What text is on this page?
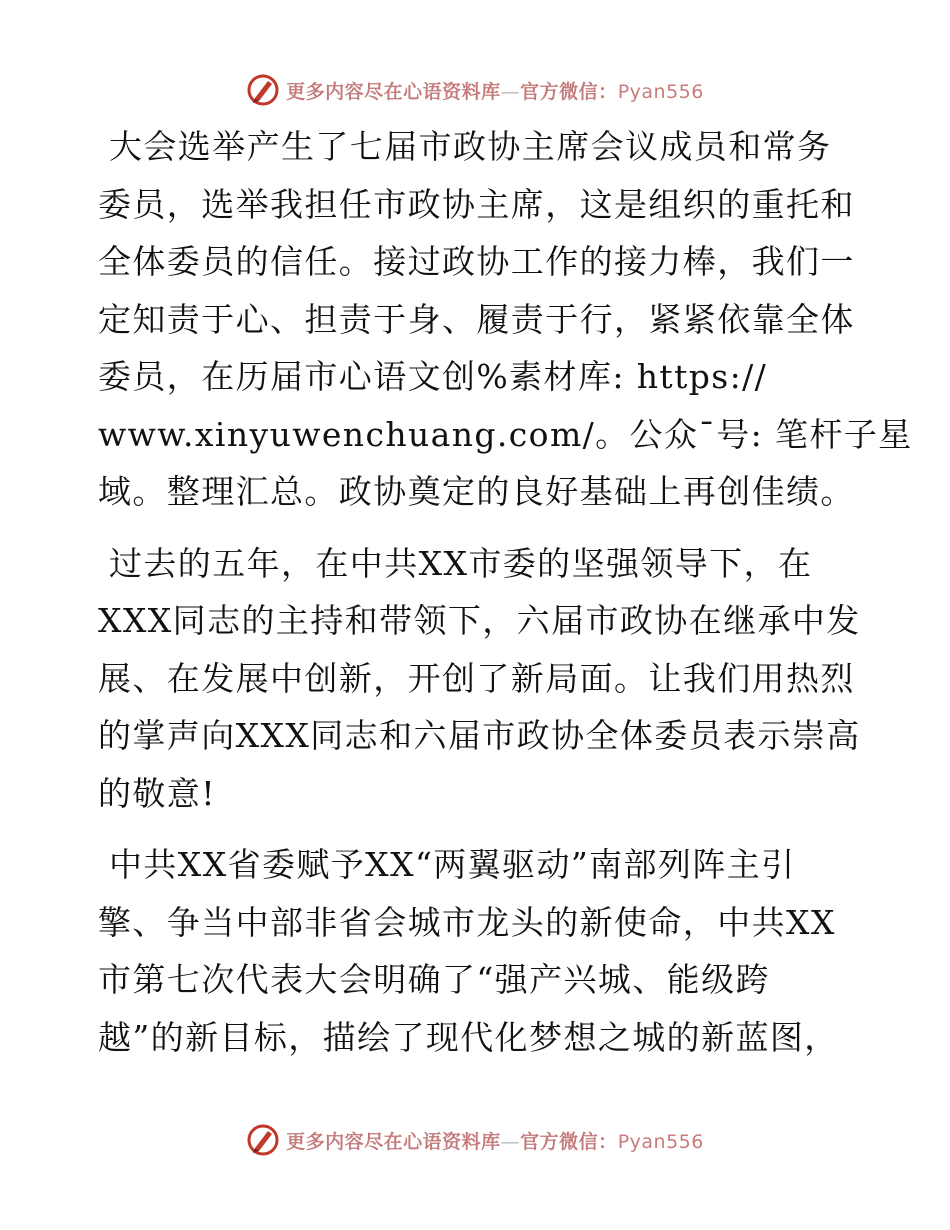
更多内容尽在心语资料库—官方微信：Pyan556

大会选举产生了七届市政协主席会议成员和常务
委员，选举我担任市政协主席，这是组织的重托和
全体委员的信任。接过政协工作的接力棒，我们一
定知责于心、担责于身、履责于行，紧紧依靠全体
委员，在历届市心语文创%素材库: https://
www.xinyuwenchuang.com/。公众¯号: 笔杆子星
域。整理汇总。政协奠定的良好基础上再创佳绩。

过去的五年，在中共XX市委的坚强领导下，在
XXX同志的主持和带领下，六届市政协在继承中发
展、在发展中创新，开创了新局面。让我们用热烈
的掌声向XXX同志和六届市政协全体委员表示崇高
的敬意!

中共XX省委赋予XX“两翼驱动”南部列阵主引
擎、争当中部非省会城市龙头的新使命，中共XX
市第七次代表大会明确了“强产兴城、能级跨
越”的新目标，描绘了现代化梦想之城的新蓝图，

更多内容尽在心语资料库—官方微信：Pyan556
